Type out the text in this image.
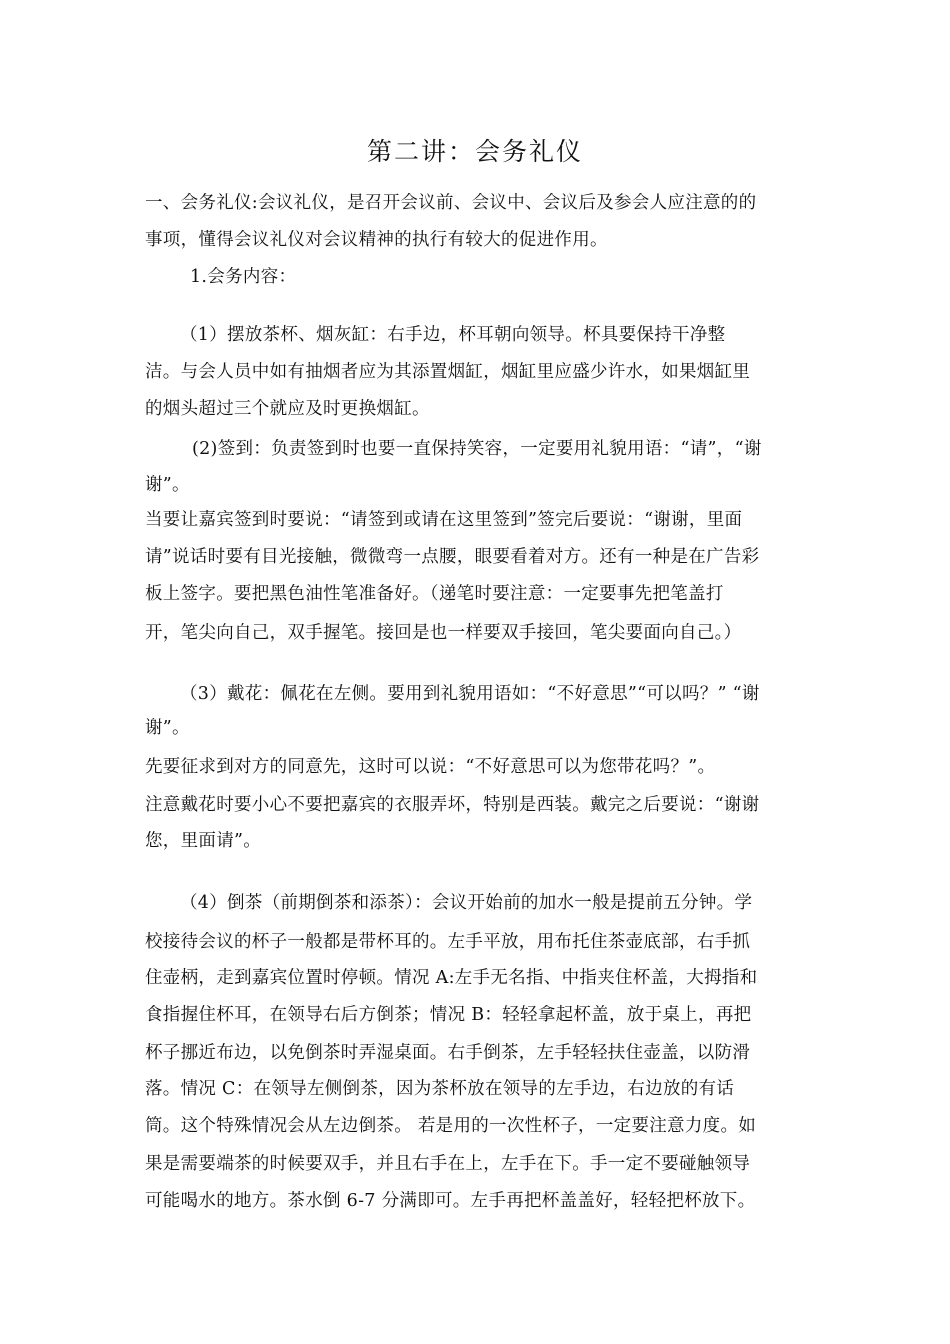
第二讲：会务礼仪
一、会务礼仪:会议礼仪，是召开会议前、会议中、会议后及参会人应注意的的
事项，懂得会议礼仪对会议精神的执行有较大的促进作用。
1.会务内容：
（1）摆放茶杯、烟灰缸：右手边，杯耳朝向领导。杯具要保持干净整
洁。与会人员中如有抽烟者应为其添置烟缸，烟缸里应盛少许水，如果烟缸里
的烟头超过三个就应及时更换烟缸。
(2)签到：负责签到时也要一直保持笑容，一定要用礼貌用语：“请”，“谢
谢”。
当要让嘉宾签到时要说：“请签到或请在这里签到”签完后要说：“谢谢，里面
请”说话时要有目光接触，微微弯一点腰，眼要看着对方。还有一种是在广告彩
板上签字。要把黑色油性笔准备好。（递笔时要注意：一定要事先把笔盖打
开，笔尖向自己，双手握笔。接回是也一样要双手接回，笔尖要面向自己。）
（3）戴花：佩花在左侧。要用到礼貌用语如：“不好意思”“可以吗？” “谢
谢”。
先要征求到对方的同意先，这时可以说：“不好意思可以为您带花吗？”。
注意戴花时要小心不要把嘉宾的衣服弄坏，特别是西装。戴完之后要说：“谢谢
您，里面请”。
（4）倒茶（前期倒茶和添茶）：会议开始前的加水一般是提前五分钟。学
校接待会议的杯子一般都是带杯耳的。左手平放，用布托住茶壶底部，右手抓
住壶柄，走到嘉宾位置时停顿。情况 A:左手无名指、中指夹住杯盖，大拇指和
食指握住杯耳，在领导右后方倒茶；情况 B：轻轻拿起杯盖，放于桌上，再把
杯子挪近布边，以免倒茶时弄湿桌面。右手倒茶，左手轻轻扶住壶盖，以防滑
落。情况 C：在领导左侧倒茶，因为茶杯放在领导的左手边，右边放的有话
筒。这个特殊情况会从左边倒茶。 若是用的一次性杯子，一定要注意力度。如
果是需要端茶的时候要双手，并且右手在上，左手在下。手一定不要碰触领导
可能喝水的地方。茶水倒 6-7 分满即可。左手再把杯盖盖好，轻轻把杯放下。
